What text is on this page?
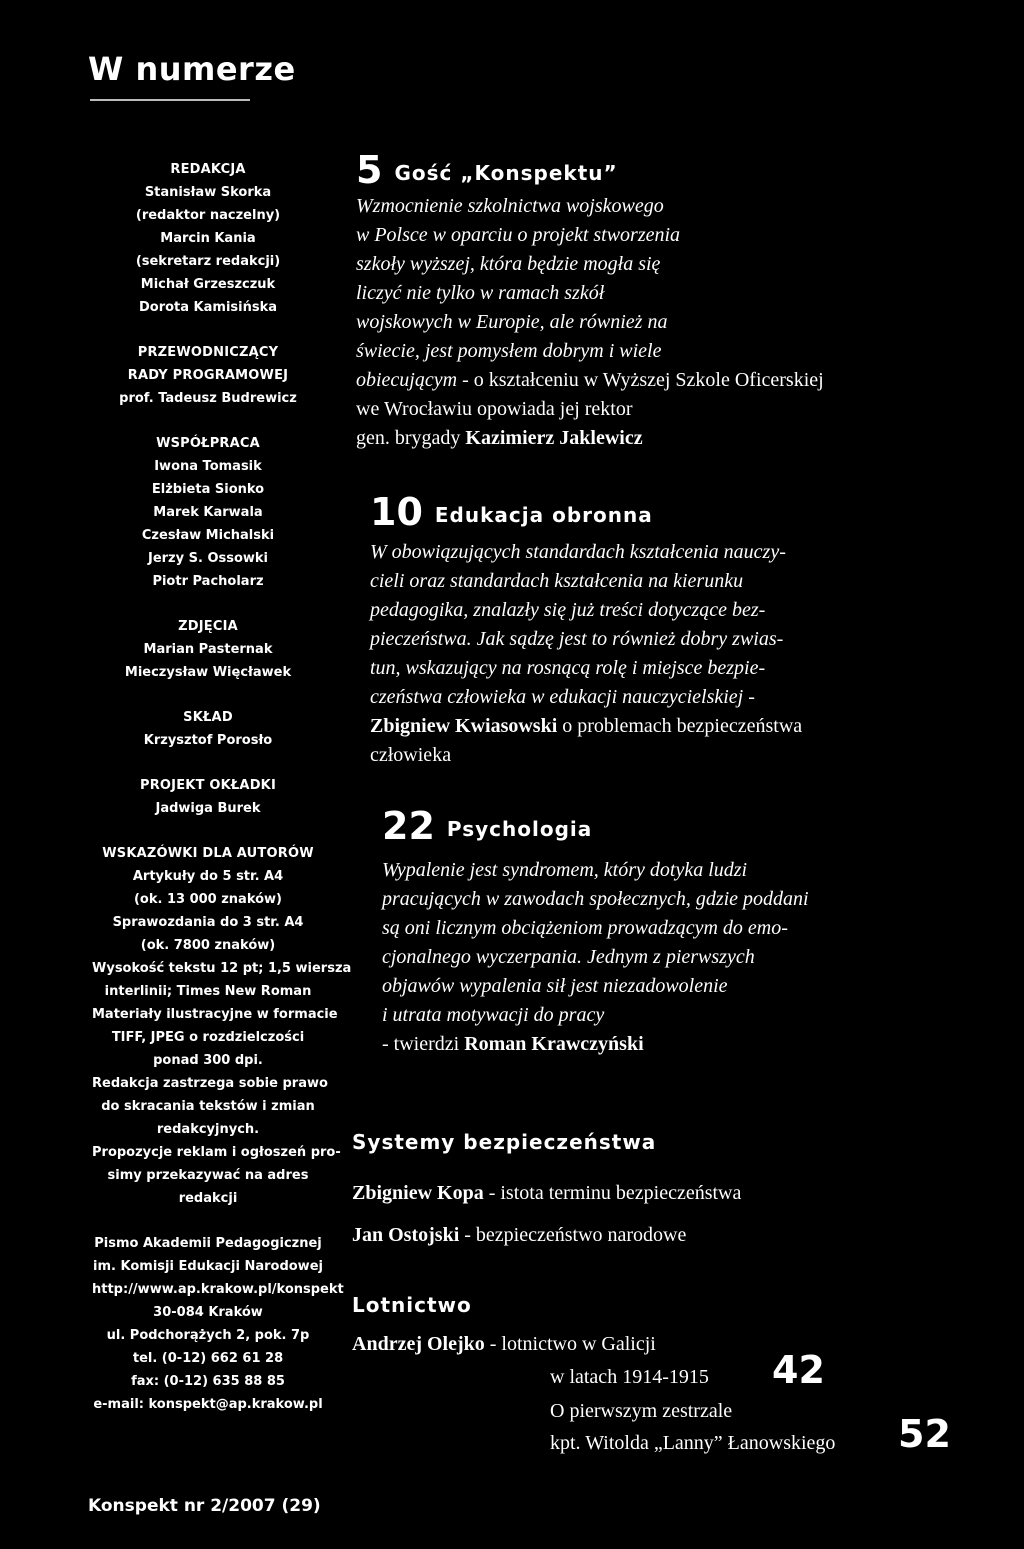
W numerze
REDAKCJA
Stanisław Skorka
(redaktor naczelny)
Marcin Kania
(sekretarz redakcji)
Michał Grzeszczuk
Dorota Kamisińska
PRZEWODNICZĄCY
RADY PROGRAMOWEJ
prof. Tadeusz Budrewicz
WSPÓŁPRACA
Iwona Tomasik
Elżbieta Sionko
Marek Karwala
Czesław Michalski
Jerzy S. Ossowki
Piotr Pacholarz
ZDJĘCIA
Marian Pasternak
Mieczysław Więcławek
SKŁAD
Krzysztof Porosło
PROJEKT OKŁADKI
Jadwiga Burek
WSKAZÓWKI DLA AUTORÓW
Artykuły do 5 str. A4
(ok. 13 000 znaków)
Sprawozdania do 3 str. A4
(ok. 7800 znaków)
Wysokość tekstu 12 pt; 1,5 wiersza
interlinii; Times New Roman
Materiały ilustracyjne w formacie
TIFF, JPEG o rozdzielczości
ponad 300 dpi.
Redakcja zastrzega sobie prawo
do skracania tekstów i zmian
redakcyjnych.
Propozycje reklam i ogłoszeń pro-
simy przekazywać na adres
redakcji
Pismo Akademii Pedagogicznej
im. Komisji Edukacji Narodowej
http://www.ap.krakow.pl/konspekt
30-084 Kraków
ul. Podchorążych 2, pok. 7p
tel. (0-12) 662 61 28
fax: (0-12) 635 88 85
e-mail: konspekt@ap.krakow.pl
Konspekt nr 2/2007 (29)
5 Gość „Konspektu”
Wzmocnienie szkolnictwa wojskowego
w Polsce w oparciu o projekt stworzenia
szkoły wyższej, która będzie mogła się
liczyć nie tylko w ramach szkół
wojskowych w Europie, ale również na
świecie, jest pomysłem dobrym i wiele
obiecującym - o kształceniu w Wyższej Szkole Oficerskiej
we Wrocławiu opowiada jej rektor
gen. brygady Kazimierz Jaklewicz
10 Edukacja obronna
W obowiązujących standardach kształcenia nauczy-
cieli oraz standardach kształcenia na kierunku
pedagogika, znalazły się już treści dotyczące bez-
pieczeństwa. Jak sądzę jest to również dobry zwias-
tun, wskazujący na rosnącą rolę i miejsce bezpie-
czeństwa człowieka w edukacji nauczycielskiej -
Zbigniew Kwiasowski o problemach bezpieczeństwa
człowieka
22 Psychologia
Wypalenie jest syndromem, który dotyka ludzi
pracujących w zawodach społecznych, gdzie poddani
są oni licznym obciążeniom prowadzącym do emo-
cjonalnego wyczerpania. Jednym z pierwszych
objawów wypalenia sił jest niezadowolenie
i utrata motywacji do pracy
- twierdzi Roman Krawczyński
Systemy bezpieczeństwa
Zbigniew Kopa - istota terminu bezpieczeństwa
Jan Ostojski - bezpieczeństwo narodowe
Lotnictwo
Andrzej Olejko - lotnictwo w Galicji
w latach 1914-1915 42
O pierwszym zestrzale
kpt. Witolda „Lanny” Łanowskiego 52
